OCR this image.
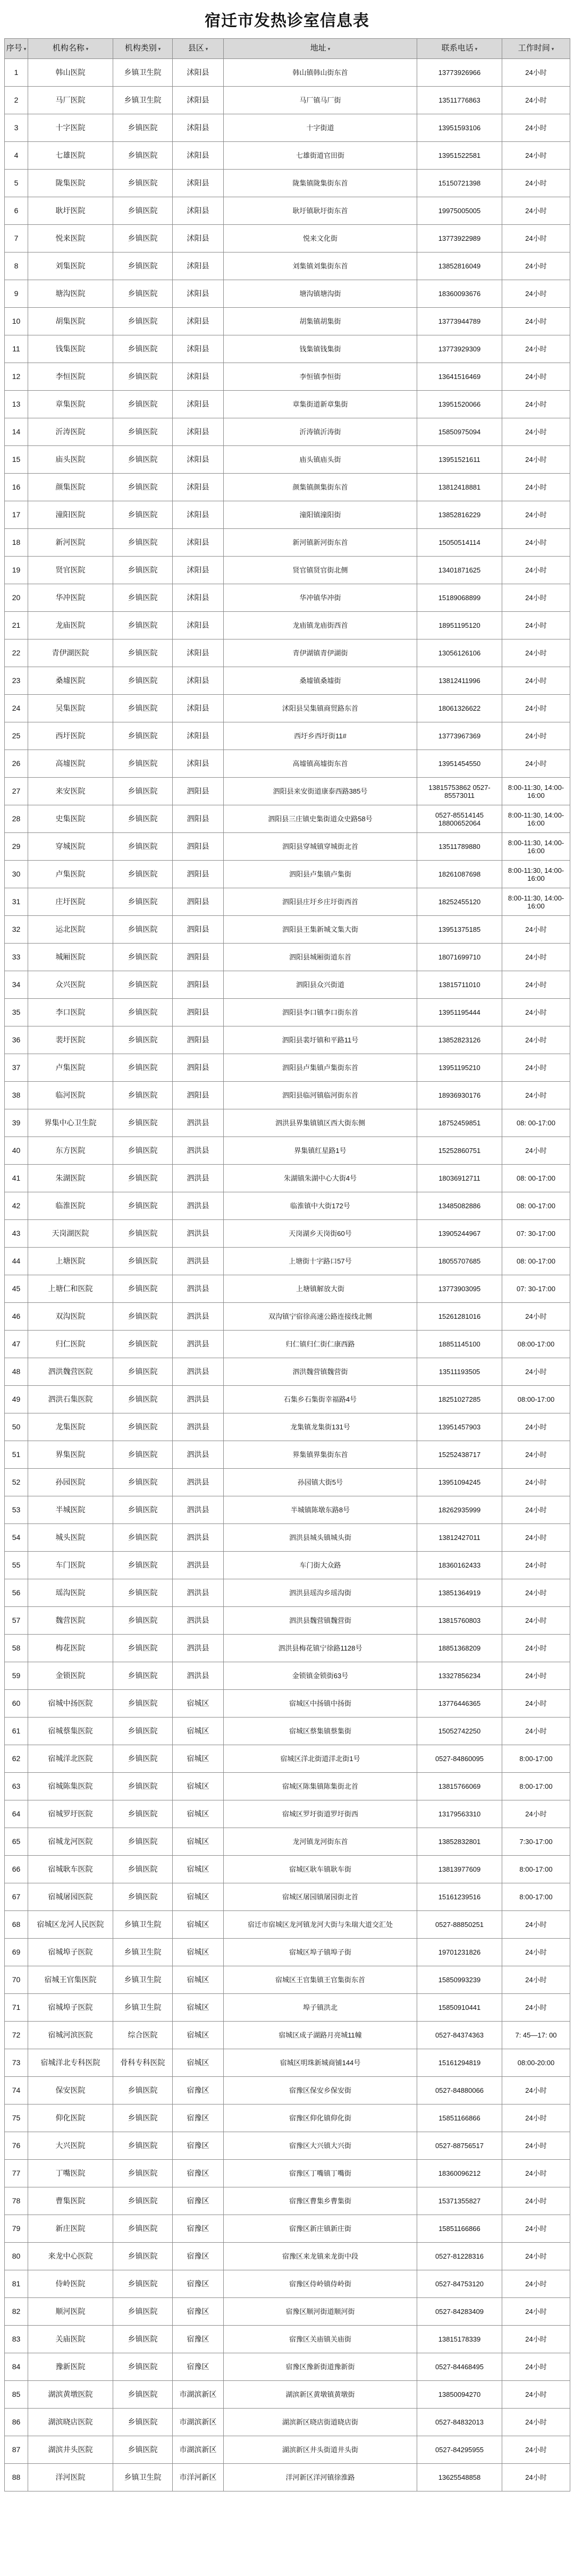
宿迁市发热诊室信息表
序号 ▾	机构名称 ▾	机构类别 ▾	县区 ▾	地址 ▾	联系电话 ▾	工作时间 ▾
1	韩山医院	乡镇卫生院	沭阳县	韩山镇韩山街东首	13773926966	24小时
2	马厂医院	乡镇卫生院	沭阳县	马厂镇马厂街	13511776863	24小时
3	十字医院	乡镇医院	沭阳县	十字街道	13951593106	24小时
4	七雄医院	乡镇医院	沭阳县	七雄街道官田街	13951522581	24小时
5	陇集医院	乡镇医院	沭阳县	陇集镇陇集街东首	15150721398	24小时
6	耿圩医院	乡镇医院	沭阳县	耿圩镇耿圩街东首	19975005005	24小时
7	悦来医院	乡镇医院	沭阳县	悦来文化街	13773922989	24小时
8	刘集医院	乡镇医院	沭阳县	刘集镇刘集街东首	13852816049	24小时
9	塘沟医院	乡镇医院	沭阳县	塘沟镇塘沟街	18360093676	24小时
10	胡集医院	乡镇医院	沭阳县	胡集镇胡集街	13773944789	24小时
11	钱集医院	乡镇医院	沭阳县	钱集镇钱集街	13773929309	24小时
12	李恒医院	乡镇医院	沭阳县	李恒镇李恒街	13641516469	24小时
13	章集医院	乡镇医院	沭阳县	章集街道新章集街	13951520066	24小时
14	沂涛医院	乡镇医院	沭阳县	沂涛镇沂涛街	15850975094	24小时
15	庙头医院	乡镇医院	沭阳县	庙头镇庙头街	13951521611	24小时
16	颜集医院	乡镇医院	沭阳县	颜集镇颜集街东首	13812418881	24小时
17	潼阳医院	乡镇医院	沭阳县	潼阳镇潼阳街	13852816229	24小时
18	新河医院	乡镇医院	沭阳县	新河镇新河街东首	15050514114	24小时
19	贤官医院	乡镇医院	沭阳县	贤官镇贤官街北侧	13401871625	24小时
20	华冲医院	乡镇医院	沭阳县	华冲镇华冲街	15189068899	24小时
21	龙庙医院	乡镇医院	沭阳县	龙庙镇龙庙街西首	18951195120	24小时
22	青伊湖医院	乡镇医院	沭阳县	青伊湖镇青伊湖街	13056126106	24小时
23	桑墟医院	乡镇医院	沭阳县	桑墟镇桑墟街	13812411996	24小时
24	吴集医院	乡镇医院	沭阳县	沭阳县吴集镇商贸路东首	18061326622	24小时
25	西圩医院	乡镇医院	沭阳县	西圩乡西圩街11#	13773967369	24小时
26	高墟医院	乡镇医院	沭阳县	高墟镇高墟街东首	13951454550	24小时
27	来安医院	乡镇医院	泗阳县	泗阳县来安街道康泰西路385号	13815753862 0527-85573011	8:00-11:30, 14:00-16:00
28	史集医院	乡镇医院	泗阳县	泗阳县三庄镇史集街道众史路58号	0527-85514145 18800652064	8:00-11:30, 14:00-16:00
29	穿城医院	乡镇医院	泗阳县	泗阳县穿城镇穿城街北首	13511789880	8:00-11:30, 14:00-16:00
30	卢集医院	乡镇医院	泗阳县	泗阳县卢集镇卢集街	18261087698	8:00-11:30, 14:00-16:00
31	庄圩医院	乡镇医院	泗阳县	泗阳县庄圩乡庄圩街西首	18252455120	8:00-11:30, 14:00-16:00
32	运北医院	乡镇医院	泗阳县	泗阳县王集新城文集大街	13951375185	24小时
33	城厢医院	乡镇医院	泗阳县	泗阳县城厢街道东首	18071699710	24小时
34	众兴医院	乡镇医院	泗阳县	泗阳县众兴街道	13815711010	24小时
35	李口医院	乡镇医院	泗阳县	泗阳县李口镇李口街东首	13951195444	24小时
36	裴圩医院	乡镇医院	泗阳县	泗阳县裴圩镇和平路11号	13852823126	24小时
37	卢集医院	乡镇医院	泗阳县	泗阳县卢集镇卢集街东首	13951195210	24小时
38	临河医院	乡镇医院	泗阳县	泗阳县临河镇临河街东首	18936930176	24小时
39	界集中心卫生院	乡镇医院	泗洪县	泗洪县界集镇镇区西大街东侧	18752459851	08: 00-17:00
40	东方医院	乡镇医院	泗洪县	界集镇红星路1号	15252860751	24小时
41	朱湖医院	乡镇医院	泗洪县	朱湖镇朱湖中心大街4号	18036912711	08: 00-17:00
42	临淮医院	乡镇医院	泗洪县	临淮镇中大街172号	13485082886	08: 00-17:00
43	天岗湖医院	乡镇医院	泗洪县	天岗湖乡天岗街60号	13905244967	07: 30-17:00
44	上塘医院	乡镇医院	泗洪县	上塘街十字路口57号	18055707685	08: 00-17:00
45	上塘仁和医院	乡镇医院	泗洪县	上塘镇解放大街	13773903095	07: 30-17:00
46	双沟医院	乡镇医院	泗洪县	双沟镇宁宿徐高速公路连接线北侧	15261281016	24小时
47	归仁医院	乡镇医院	泗洪县	归仁镇归仁街仁康西路	18851145100	08:00-17:00
48	泗洪魏营医院	乡镇医院	泗洪县	泗洪魏营镇魏营街	13511193505	24小时
49	泗洪石集医院	乡镇医院	泗洪县	石集乡石集街幸福路4号	18251027285	08:00-17:00
50	龙集医院	乡镇医院	泗洪县	龙集镇龙集街131号	13951457903	24小时
51	界集医院	乡镇医院	泗洪县	界集镇界集街东首	15252438717	24小时
52	孙园医院	乡镇医院	泗洪县	孙园镇大街5号	13951094245	24小时
53	半城医院	乡镇医院	泗洪县	半城镇陈墩东路8号	18262935999	24小时
54	城头医院	乡镇医院	泗洪县	泗洪县城头镇城头街	13812427011	24小时
55	车门医院	乡镇医院	泗洪县	车门街大众路	18360162433	24小时
56	瑶沟医院	乡镇医院	泗洪县	泗洪县瑶沟乡瑶沟街	13851364919	24小时
57	魏营医院	乡镇医院	泗洪县	泗洪县魏营镇魏营街	13815760803	24小时
58	梅花医院	乡镇医院	泗洪县	泗洪县梅花镇宁徐路1128号	18851368209	24小时
59	金锁医院	乡镇医院	泗洪县	金锁镇金锁街63号	13327856234	24小时
60	宿城中扬医院	乡镇医院	宿城区	宿城区中扬镇中扬街	13776446365	24小时
61	宿城蔡集医院	乡镇医院	宿城区	宿城区蔡集镇蔡集街	15052742250	24小时
62	宿城洋北医院	乡镇医院	宿城区	宿城区洋北街道洋北街1号	0527-84860095	8:00-17:00
63	宿城陈集医院	乡镇医院	宿城区	宿城区陈集镇陈集街北首	13815766069	8:00-17:00
64	宿城罗圩医院	乡镇医院	宿城区	宿城区罗圩街道罗圩街西	13179563310	24小时
65	宿城龙河医院	乡镇医院	宿城区	龙河镇龙河街东首	13852832801	7:30-17:00
66	宿城耿车医院	乡镇医院	宿城区	宿城区耿车镇耿车街	13813977609	8:00-17:00
67	宿城屠园医院	乡镇医院	宿城区	宿城区屠园镇屠园街北首	15161239516	8:00-17:00
68	宿城区龙河人民医院	乡镇卫生院	宿城区	宿迁市宿城区龙河镇龙河大街与朱瑞大道交汇处	0527-88850251	24小时
69	宿城埠子医院	乡镇卫生院	宿城区	宿城区埠子镇埠子街	19701231826	24小时
70	宿城王官集医院	乡镇卫生院	宿城区	宿城区王官集镇王官集街东首	15850993239	24小时
71	宿城埠子医院	乡镇卫生院	宿城区	埠子镇洪北	15850910441	24小时
72	宿城河滨医院	综合医院	宿城区	宿城区成子湖路月亮城11幢	0527-84374363	7: 45—17: 00
73	宿城洋北专科医院	骨科专科医院	宿城区	宿城区明珠新城商铺144号	15161294819	08:00-20:00
74	保安医院	乡镇医院	宿豫区	宿豫区保安乡保安街	0527-84880066	24小时
75	仰化医院	乡镇医院	宿豫区	宿豫区仰化镇仰化街	15851166866	24小时
76	大兴医院	乡镇医院	宿豫区	宿豫区大兴镇大兴街	0527-88756517	24小时
77	丁嘴医院	乡镇医院	宿豫区	宿豫区丁嘴镇丁嘴街	18360096212	24小时
78	曹集医院	乡镇医院	宿豫区	宿豫区曹集乡曹集街	15371355827	24小时
79	新庄医院	乡镇医院	宿豫区	宿豫区新庄镇新庄街	15851166866	24小时
80	来龙中心医院	乡镇医院	宿豫区	宿豫区来龙镇来龙街中段	0527-81228316	24小时
81	侍岭医院	乡镇医院	宿豫区	宿豫区侍岭镇侍岭街	0527-84753120	24小时
82	顺河医院	乡镇医院	宿豫区	宿豫区顺河街道顺河街	0527-84283409	24小时
83	关庙医院	乡镇医院	宿豫区	宿豫区关庙镇关庙街	13815178339	24小时
84	豫新医院	乡镇医院	宿豫区	宿豫区豫新街道豫新街	0527-84468495	24小时
85	湖滨黄墩医院	乡镇医院	市湖滨新区	湖滨新区黄墩镇黄墩街	13850094270	24小时
86	湖滨晓店医院	乡镇医院	市湖滨新区	湖滨新区晓店街道晓店街	0527-84832013	24小时
87	湖滨井头医院	乡镇医院	市湖滨新区	湖滨新区井头街道井头街	0527-84295955	24小时
88	洋河医院	乡镇卫生院	市洋河新区	洋河新区洋河镇徐淮路	13625548858	24小时
